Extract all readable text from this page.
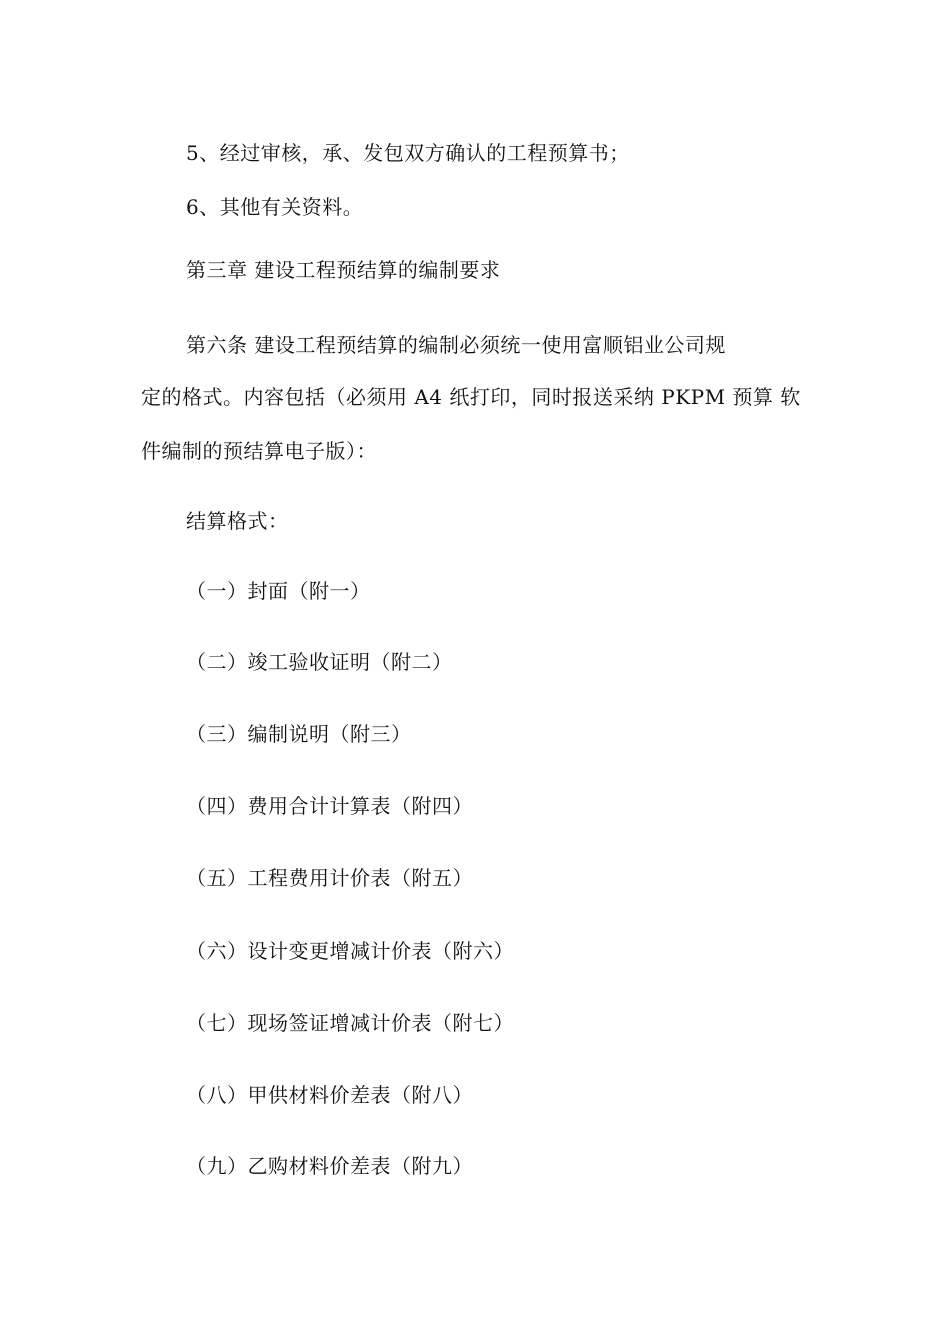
5、经过审核，承、发包双方确认的工程预算书；
6、其他有关资料。
第三章 建设工程预结算的编制要求
第六条 建设工程预结算的编制必须统一使用富顺铝业公司规
定的格式。内容包括（必须用 A4 纸打印，同时报送采纳 PKPM 预算 软
件编制的预结算电子版）：
结算格式：
（一）封面（附一）
（二）竣工验收证明（附二）
（三）编制说明（附三）
（四）费用合计计算表（附四）
（五）工程费用计价表（附五）
（六）设计变更增减计价表（附六）
（七）现场签证增减计价表（附七）
（八）甲供材料价差表（附八）
（九）乙购材料价差表（附九）
